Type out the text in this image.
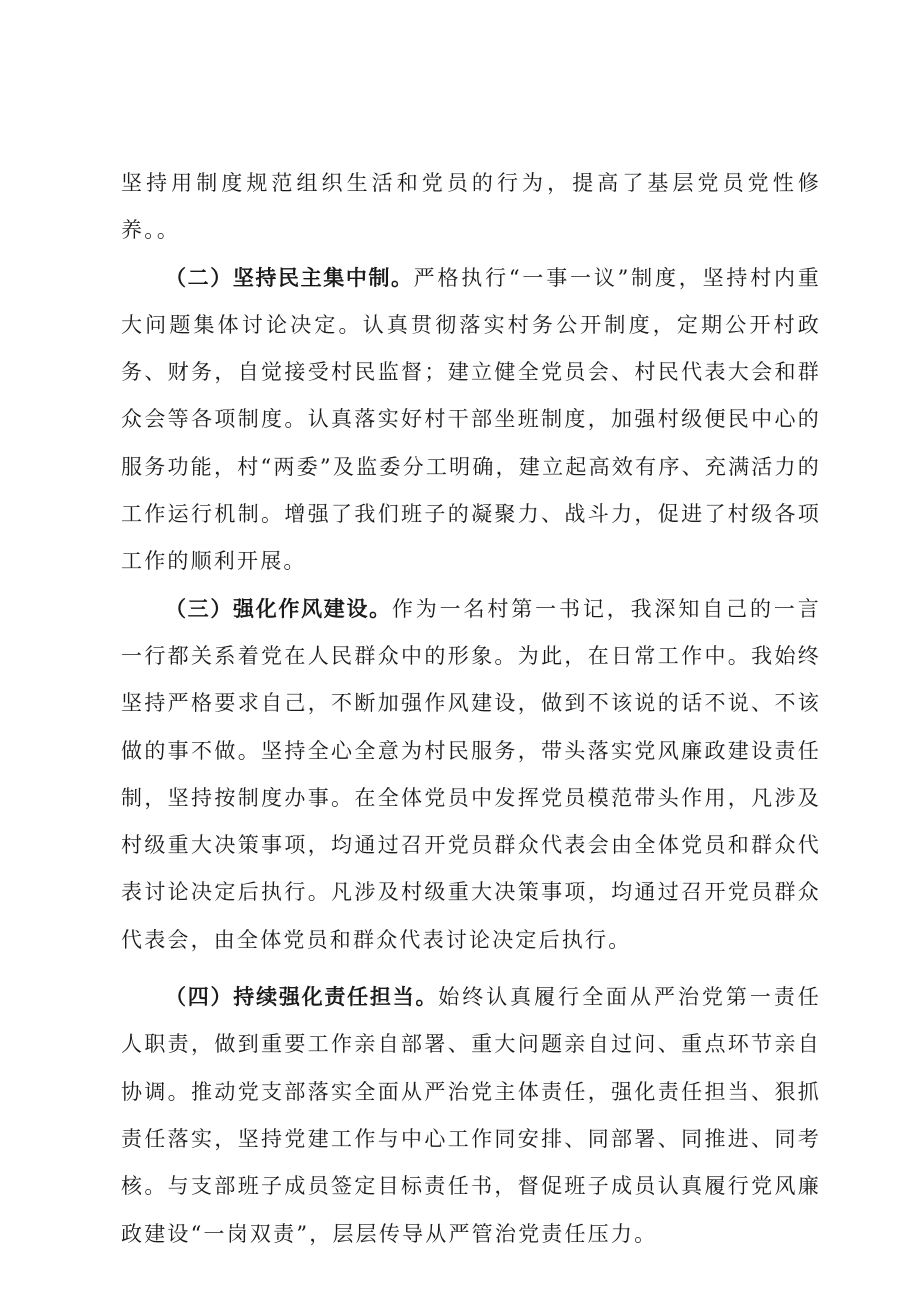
坚持用制度规范组织生活和党员的行为，提高了基层党员党性修养。。

（二）坚持民主集中制。严格执行“一事一议”制度，坚持村内重大问题集体讨论决定。认真贯彻落实村务公开制度，定期公开村政务、财务，自觉接受村民监督；建立健全党员会、村民代表大会和群众会等各项制度。认真落实好村干部坐班制度，加强村级便民中心的服务功能，村“两委”及监委分工明确，建立起高效有序、充满活力的工作运行机制。增强了我们班子的凝聚力、战斗力，促进了村级各项工作的顺利开展。

（三）强化作风建设。作为一名村第一书记，我深知自己的一言一行都关系着党在人民群众中的形象。为此，在日常工作中。我始终坚持严格要求自己，不断加强作风建设，做到不该说的话不说、不该做的事不做。坚持全心全意为村民服务，带头落实党风廉政建设责任制，坚持按制度办事。在全体党员中发挥党员模范带头作用，凡涉及村级重大决策事项，均通过召开党员群众代表会由全体党员和群众代表讨论决定后执行。凡涉及村级重大决策事项，均通过召开党员群众代表会，由全体党员和群众代表讨论决定后执行。

（四）持续强化责任担当。始终认真履行全面从严治党第一责任人职责，做到重要工作亲自部署、重大问题亲自过问、重点环节亲自协调。推动党支部落实全面从严治党主体责任，强化责任担当、狠抓责任落实，坚持党建工作与中心工作同安排、同部署、同推进、同考核。与支部班子成员签定目标责任书，督促班子成员认真履行党风廉政建设“一岗双责”，层层传导从严管治党责任压力。
